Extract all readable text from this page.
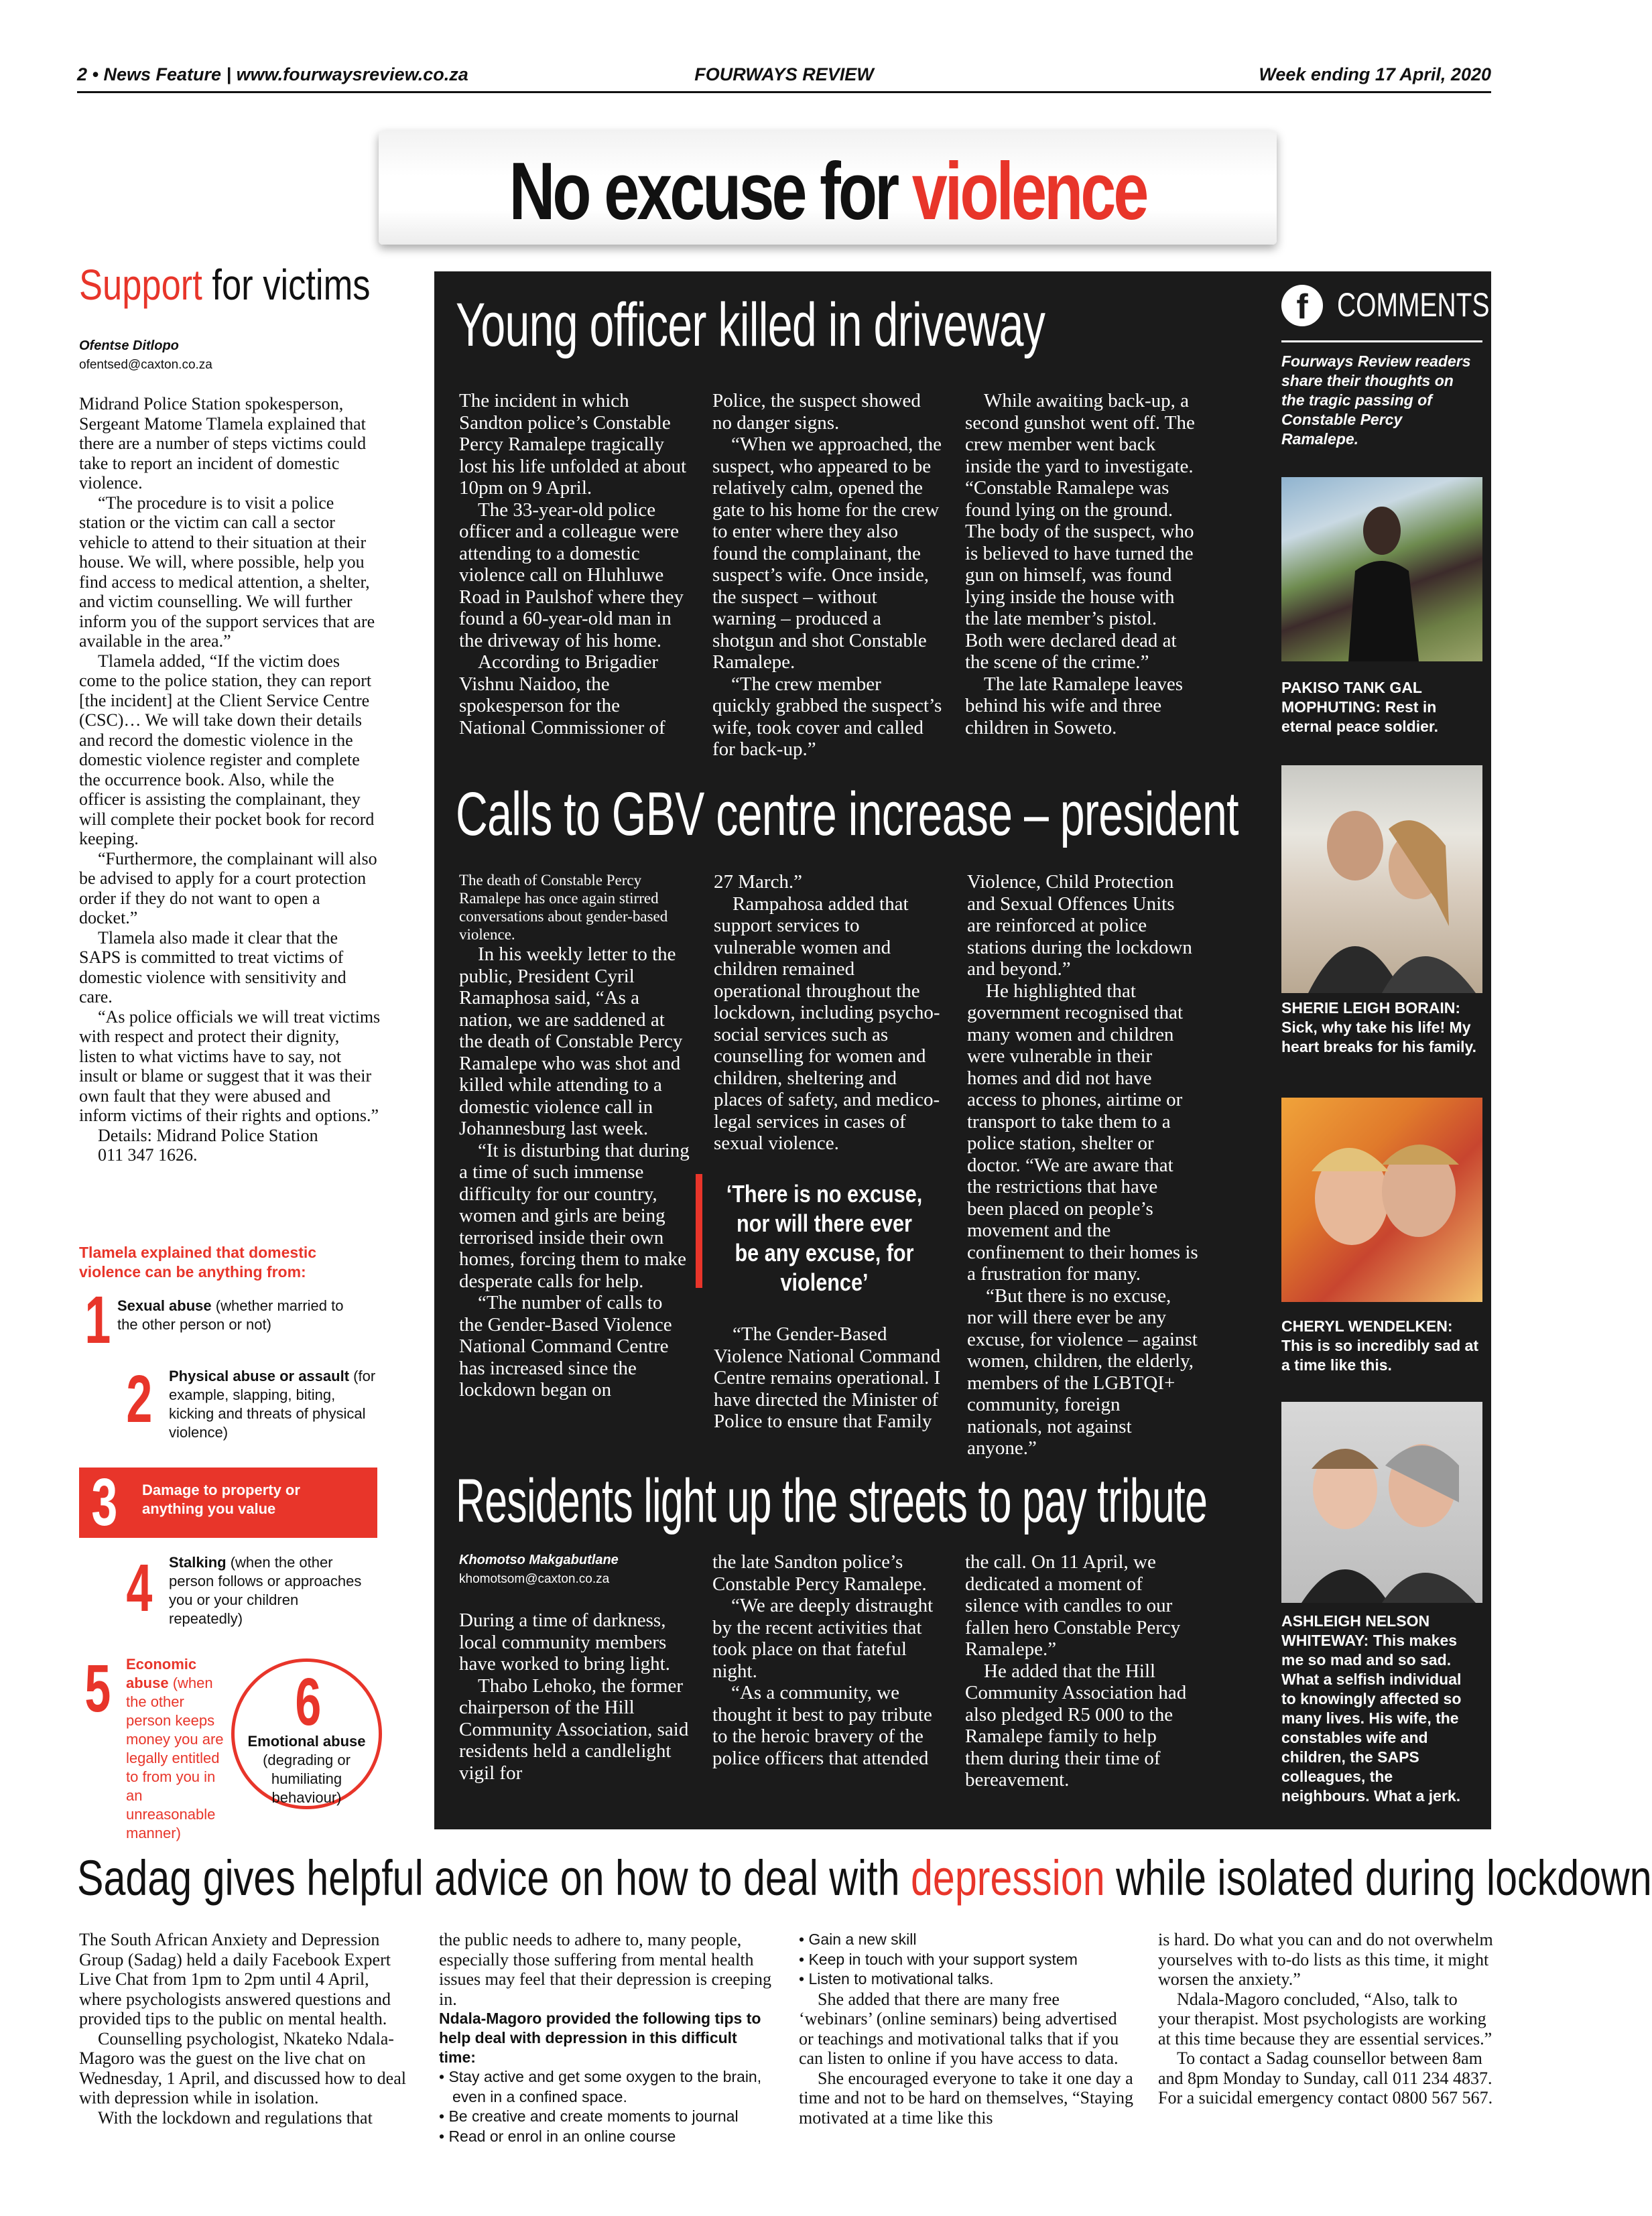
2 • News Feature | www.fourwaysreview.co.za	FOURWAYS REVIEW	Week ending 17 April, 2020
No excuse for violence
Support for victims
Ofentse Ditlopo
ofentsed@caxton.co.za

Midrand Police Station spokesperson, Sergeant Matome Tlamela explained that there are a number of steps victims could take to report an incident of domestic violence.

“The procedure is to visit a police station or the victim can call a sector vehicle to attend to their situation at their house. We will, where possible, help you find access to medical attention, a shelter, and victim counselling. We will further inform you of the support services that are available in the area.”

Tlamela added, “If the victim does come to the police station, they can report [the incident] at the Client Service Centre (CSC)… We will take down their details and record the domestic violence in the domestic violence register and complete the occurrence book. Also, while the officer is assisting the complainant, they will complete their pocket book for record keeping.

“Furthermore, the complainant will also be advised to apply for a court protection order if they do not want to open a docket.”

Tlamela also made it clear that the SAPS is committed to treat victims of domestic violence with sensitivity and care.

“As police officials we will treat victims with respect and protect their dignity, listen to what victims have to say, not insult or blame or suggest that it was their own fault that they were abused and inform victims of their rights and options.”

Details: Midrand Police Station

011 347 1626.

Tlamela explained that domestic violence can be anything from:
1 Sexual abuse (whether married to the other person or not)
2 Physical abuse or assault (for example, slapping, biting, kicking and threats of physical violence)
3 Damage to property or anything you value
4 Stalking (when the other person follows or approaches you or your children repeatedly)
5	Economic abuse (when the other person keeps money you are legally entitled to from you in an unreasonable manner)
6
Emotional abuse (degrading or humiliating behaviour)
Young officer killed in driveway

The incident in which Sandton police’s Constable Percy Ramalepe tragically lost his life unfolded at about 10pm on 9 April.

The 33-year-old police officer and a colleague were attending to a domestic violence call on Hluhluwe Road in Paulshof where they found a 60-year-old man in the driveway of his home.

According to Brigadier Vishnu Naidoo, the spokesperson for the National Commissioner of

Police, the suspect showed no danger signs.

“When we approached, the suspect, who appeared to be relatively calm, opened the gate to his home for the crew to enter where they also found the complainant, the suspect’s wife. Once inside, the suspect – without warning – produced a shotgun and shot Constable Ramalepe.

“The crew member quickly grabbed the suspect’s wife, took cover and called for back-up.”

While awaiting back-up, a second gunshot went off. The crew member went back inside the yard to investigate. “Constable Ramalepe was found lying on the ground. The body of the suspect, who is believed to have turned the gun on himself, was found lying inside the house with the late member’s pistol. Both were declared dead at the scene of the crime.”

The late Ramalepe leaves behind his wife and three children in Soweto.

Calls to GBV centre increase – president

The death of Constable Percy Ramalepe has once again stirred conversations about gender-based violence.

In his weekly letter to the public, President Cyril Ramaphosa said, “As a nation, we are saddened at the death of Constable Percy Ramalepe who was shot and killed while attending to a domestic violence call in Johannesburg last week.

“It is disturbing that during a time of such immense difficulty for our country, women and girls are being terrorised inside their own homes, forcing them to make desperate calls for help.

“The number of calls to the Gender-Based Violence National Command Centre has increased since the lockdown began on

27 March.”

Rampahosa added that support services to vulnerable women and children remained operational throughout the lockdown, including psycho-social services such as counselling for women and children, sheltering and places of safety, and medico-legal services in cases of sexual violence.

‘There is no excuse, nor will there ever be any excuse, for violence’

“The Gender-Based Violence National Command Centre remains operational. I have directed the Minister of Police to ensure that Family

Violence, Child Protection and Sexual Offences Units are reinforced at police stations during the lockdown and beyond.”

He highlighted that government recognised that many women and children were vulnerable in their homes and did not have access to phones, airtime or transport to take them to a police station, shelter or doctor. “We are aware that the restrictions that have been placed on people’s movement and the confinement to their homes is a frustration for many.

“But there is no excuse, nor will there ever be any excuse, for violence – against women, children, the elderly, members of the LGBTQI+ community, foreign nationals, not against anyone.”

Residents light up the streets to pay tribute
Khomotso Makgabutlane
khomotsom@caxton.co.za

During a time of darkness, local community members have worked to bring light.

Thabo Lehoko, the former chairperson of the Hill Community Association, said residents held a candlelight vigil for

the late Sandton police’s Constable Percy Ramalepe.

“We are deeply distraught by the recent activities that took place on that fateful night.

“As a community, we thought it best to pay tribute to the heroic bravery of the police officers that attended

the call. On 11 April, we dedicated a moment of silence with candles to our fallen hero Constable Percy Ramalepe.”

He added that the Hill Community Association had also pledged R5 000 to the Ramalepe family to help them during their time of bereavement.

f COMMENTS
Fourways Review readers share their thoughts on the tragic passing of Constable Percy Ramalepe.
PAKISO TANK GAL MOPHUTING: Rest in eternal peace soldier.
SHERIE LEIGH BORAIN: Sick, why take his life! My heart breaks for his family.
CHERYL WENDELKEN: This is so incredibly sad at a time like this.
ASHLEIGH NELSON WHITEWAY: This makes me so mad and so sad. What a selfish individual to knowingly affected so many lives. His wife, the constables wife and children, the SAPS colleagues, the neighbours. What a jerk.
Sadag gives helpful advice on how to deal with depression while isolated during lockdown

The South African Anxiety and Depression Group (Sadag) held a daily Facebook Expert Live Chat from 1pm to 2pm until 4 April, where psychologists answered questions and provided tips to the public on mental health.

Counselling psychologist, Nkateko Ndala-Magoro was the guest on the live chat on Wednesday, 1 April, and discussed how to deal with depression while in isolation.

With the lockdown and regulations that

the public needs to adhere to, many people, especially those suffering from mental health issues may feel that their depression is creeping in.

Ndala-Magoro provided the following tips to help deal with depression in this difficult time:
• Stay active and get some oxygen to the brain, even in a confined space.
• Be creative and create moments to journal
• Read or enrol in an online course
• Gain a new skill
• Keep in touch with your support system
• Listen to motivational talks.

She added that there are many free ‘webinars’ (online seminars) being advertised or teachings and motivational talks that if you can listen to online if you have access to data.

She encouraged everyone to take it one day a time and not to be hard on themselves, “Staying motivated at a time like this

is hard. Do what you can and do not overwhelm yourselves with to-do lists as this time, it might worsen the anxiety.”

Ndala-Magoro concluded, “Also, talk to your therapist. Most psychologists are working at this time because they are essential services.”

To contact a Sadag counsellor between 8am and 8pm Monday to Sunday, call 011 234 4837. For a suicidal emergency contact 0800 567 567.
